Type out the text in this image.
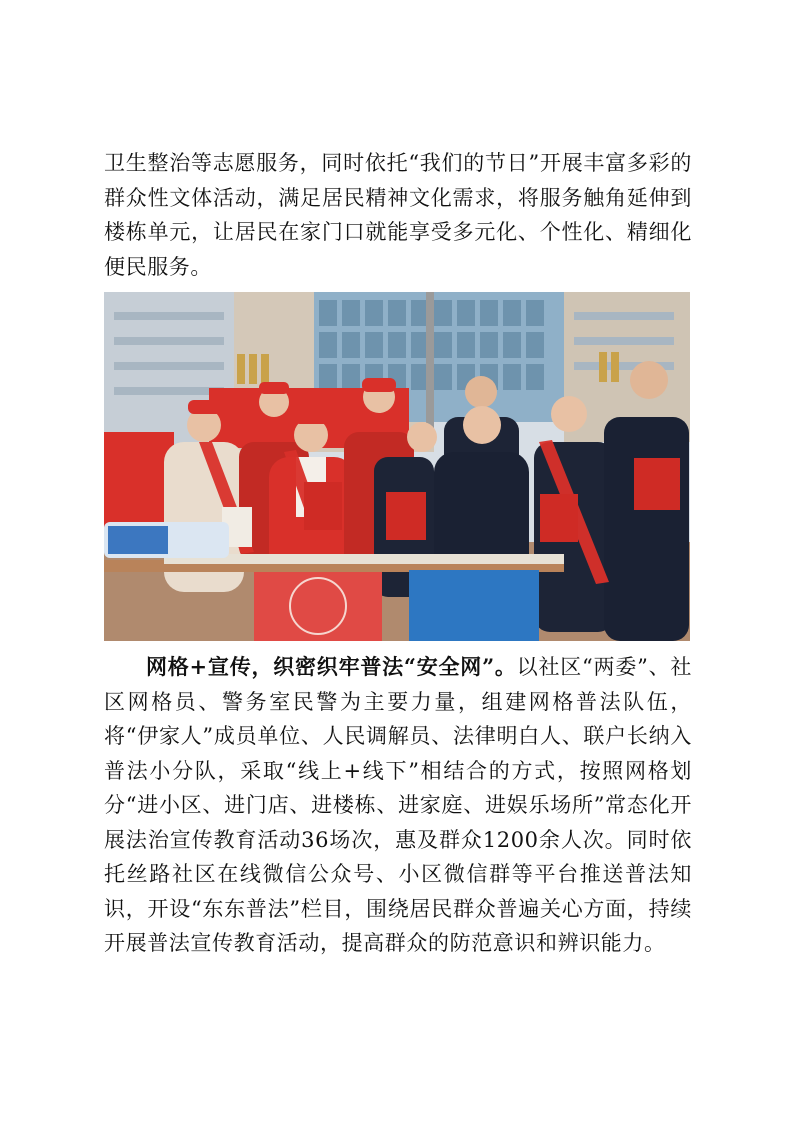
卫生整治等志愿服务，同时依托“我们的节日”开展丰富多彩的群众性文体活动，满足居民精神文化需求，将服务触角延伸到楼栋单元，让居民在家门口就能享受多元化、个性化、精细化便民服务。

网格+宣传，织密织牢普法“安全网”。以社区“两委”、社区网格员、警务室民警为主要力量，组建网格普法队伍，将“伊家人”成员单位、人民调解员、法律明白人、联户长纳入普法小分队，采取“线上+线下”相结合的方式，按照网格划分“进小区、进门店、进楼栋、进家庭、进娱乐场所”常态化开展法治宣传教育活动36场次，惠及群众1200余人次。同时依托丝路社区在线微信公众号、小区微信群等平台推送普法知识，开设“东东普法”栏目，围绕居民群众普遍关心方面，持续开展普法宣传教育活动，提高群众的防范意识和辨识能力。
